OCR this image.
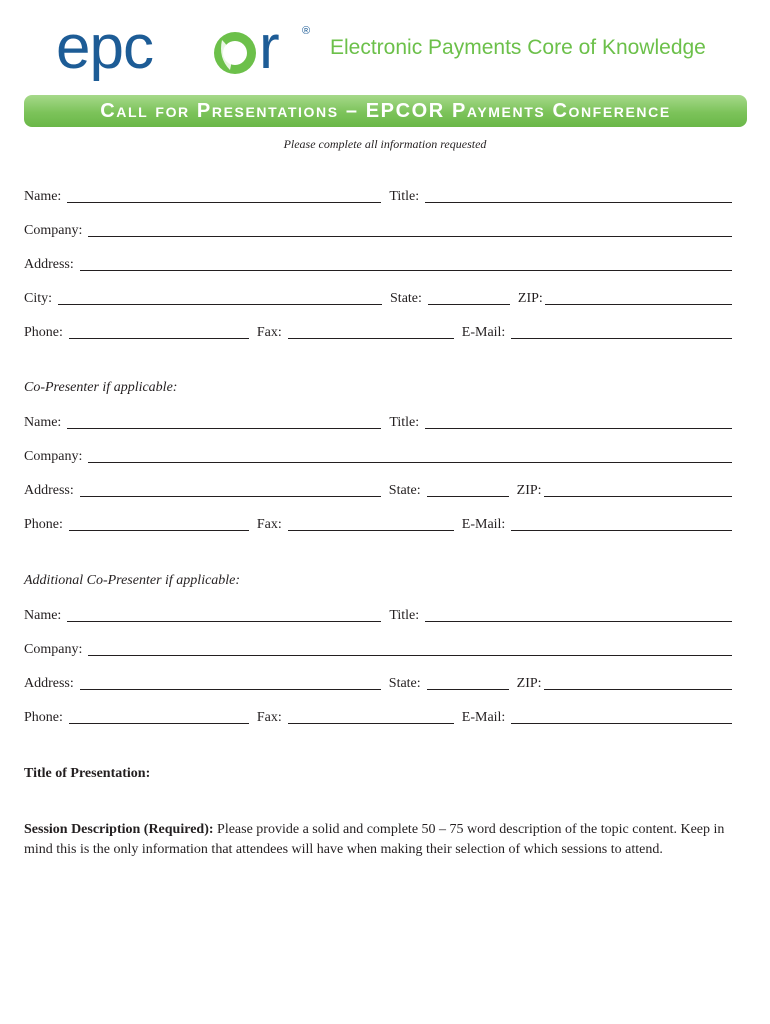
epc r ®
Electronic Payments Core of Knowledge
Call for Presentations – EPCOR Payments Conference
Please complete all information requested
Name:	Title:
Company:
Address:
City:	State:	ZIP:
Phone:	Fax:	E-Mail:
Co-Presenter if applicable:
Name:	Title:
Company:
Address:	State:	ZIP:
Phone:	Fax:	E-Mail:
Additional Co-Presenter if applicable:
Name:	Title:
Company:
Address:	State:	ZIP:
Phone:	Fax:	E-Mail:
Title of Presentation:
Session Description (Required): Please provide a solid and complete 50 – 75 word description of the topic content. Keep in mind this is the only information that attendees will have when making their selection of which sessions to attend.
